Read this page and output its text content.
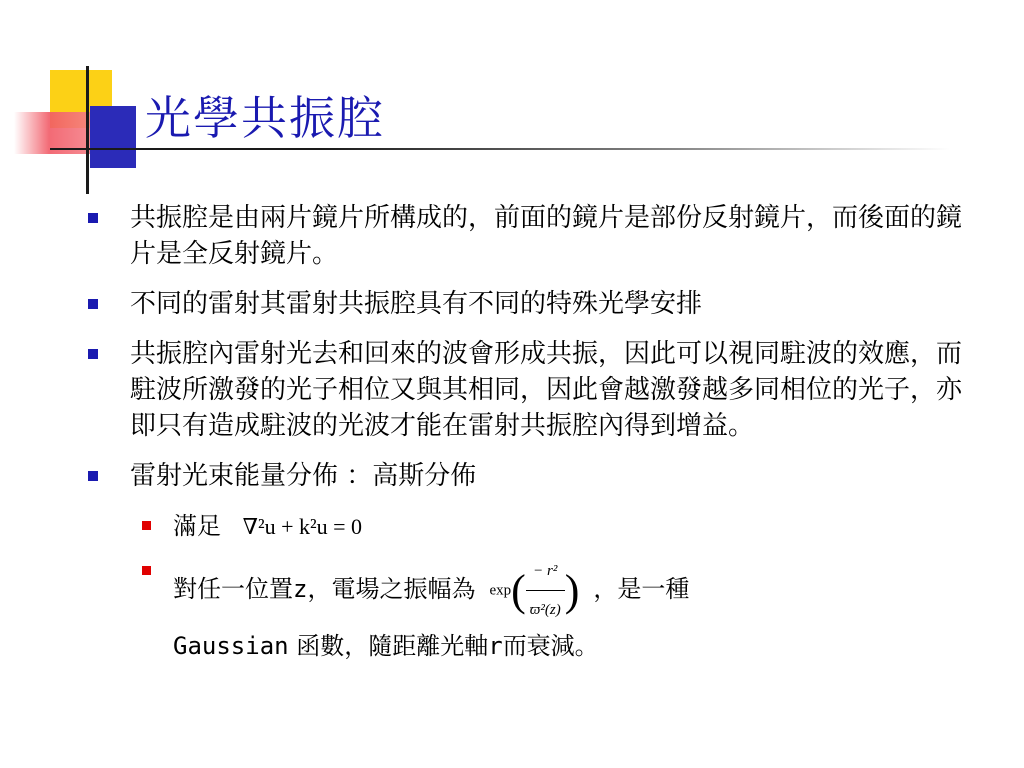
光學共振腔
共振腔是由兩片鏡片所構成的，前面的鏡片是部份反射鏡片，而後面的鏡片是全反射鏡片。
不同的雷射其雷射共振腔具有不同的特殊光學安排
共振腔內雷射光去和回來的波會形成共振，因此可以視同駐波的效應，而駐波所激發的光子相位又與其相同，因此會越激發越多同相位的光子，亦即只有造成駐波的光波才能在雷射共振腔內得到增益。
雷射光束能量分佈 ：高斯分佈
滿足 ∇²u + k²u = 0
對任一位置z，電場之振幅為 $\exp( \frac{\text{− r²}}{\text{ϖ²(z)}}$ ) ，是一種
Gaussian 函數，隨距離光軸r而衰減。
